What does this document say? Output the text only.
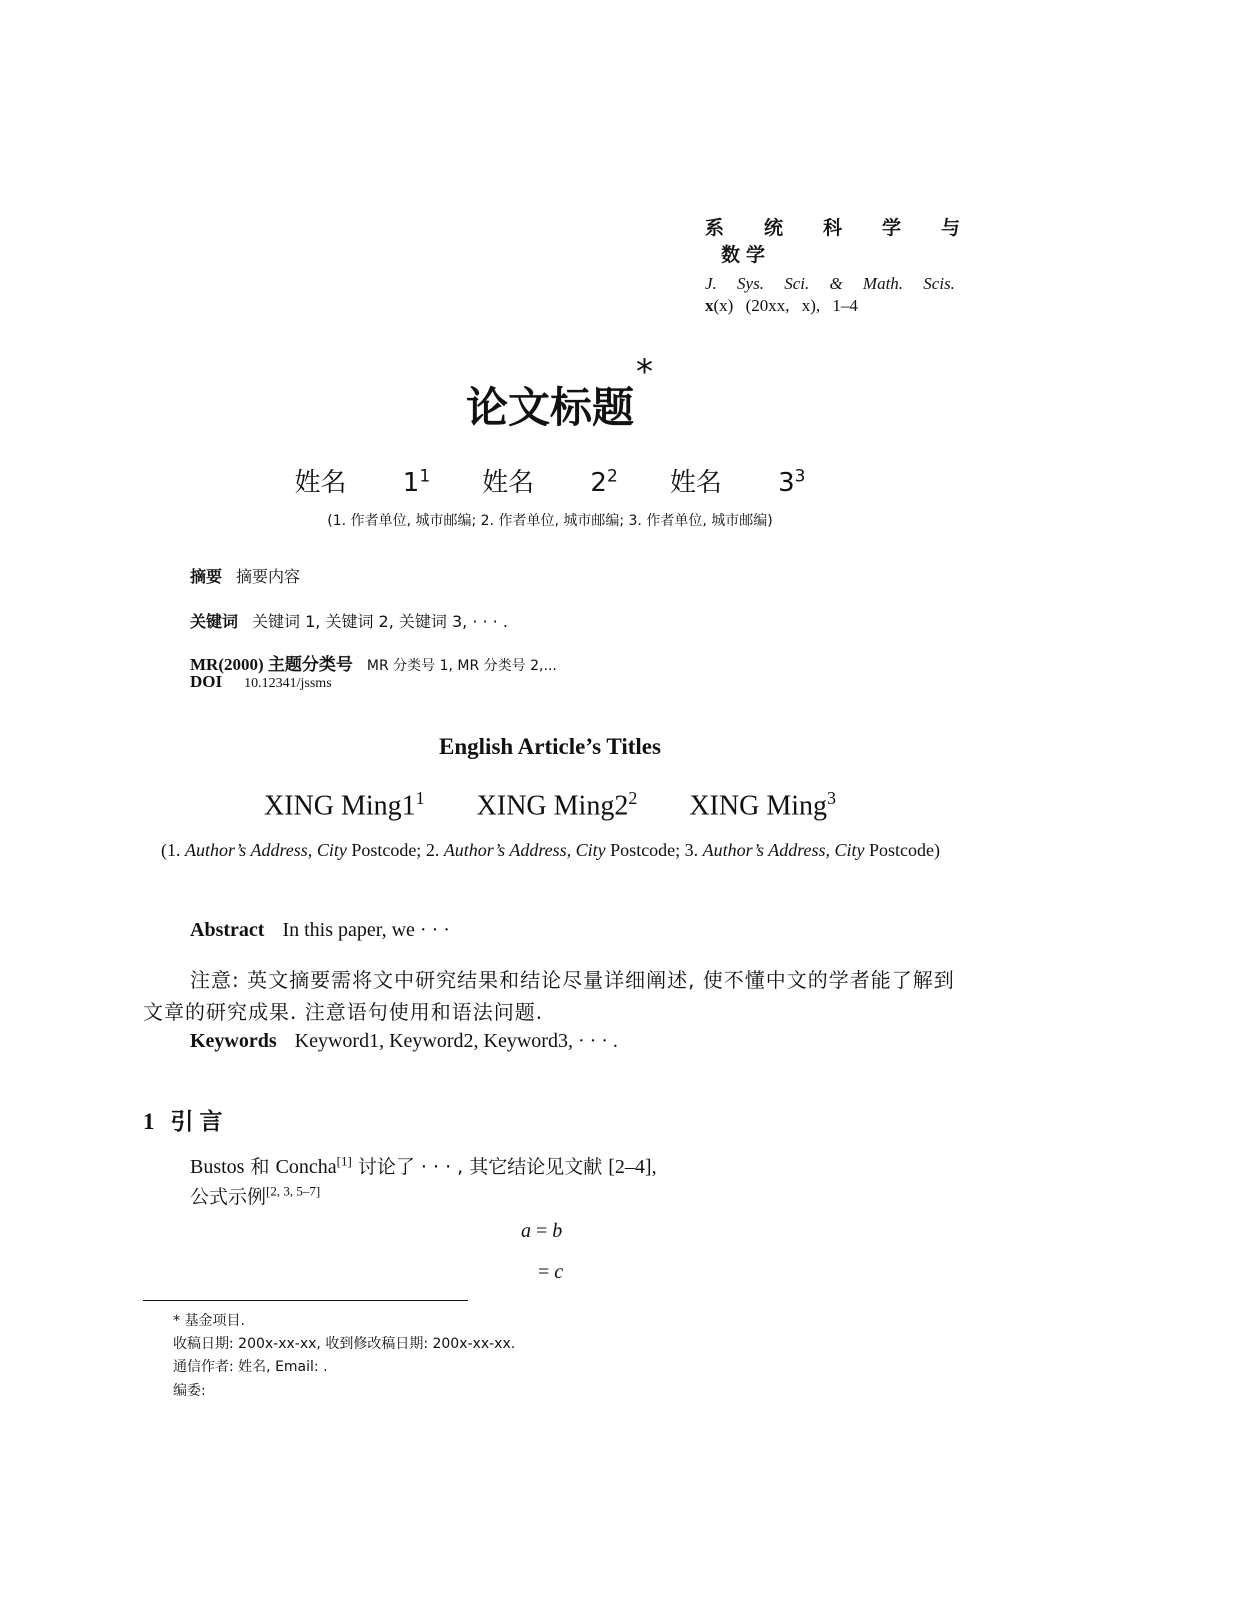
系 统 科 学 与
数学
J. Sys. Sci. & Math. Scis.
x(x) (20xx, x), 1–4
论文标题
*
姓名 $1^1$ 姓名 $2^2$ 姓名 $3^3$
(1. 作者单位, 城市邮编; 2. 作者单位, 城市邮编; 3. 作者单位, 城市邮编)
摘要 摘要内容
关键词 关键词 1, 关键词 2, 关键词 3, · · · .
MR(2000) 主题分类号 MR 分类号 1, MR 分类号 2,...
DOI 10.12341/jssms
English Article’s Titles
XING $Ming1^1$ XING $Ming2^2$ XING Ming$^3$
(1. Author’s Address, City Postcode; 2. Author’s Address, City Postcode; 3. Author’s Address, City Postcode)
Abstract In this paper, we · · ·
注意: 英文摘要需将文中研究结果和结论尽量详细阐述, 使不懂中文的学者能了解到文章的研究成果. 注意语句使用和语法问题.
Keywords Keyword1, Keyword2, Keyword3, · · · .
1 引言
Bustos 和 Concha[1] 讨论了 · · · , 其它结论见文献 [2–4],
公式示例[2, 3, 5–7]
a = b
= c
* 基金项目.
收稿日期: 200x-xx-xx, 收到修改稿日期: 200x-xx-xx.
通信作者: 姓名, Email: .
编委:
